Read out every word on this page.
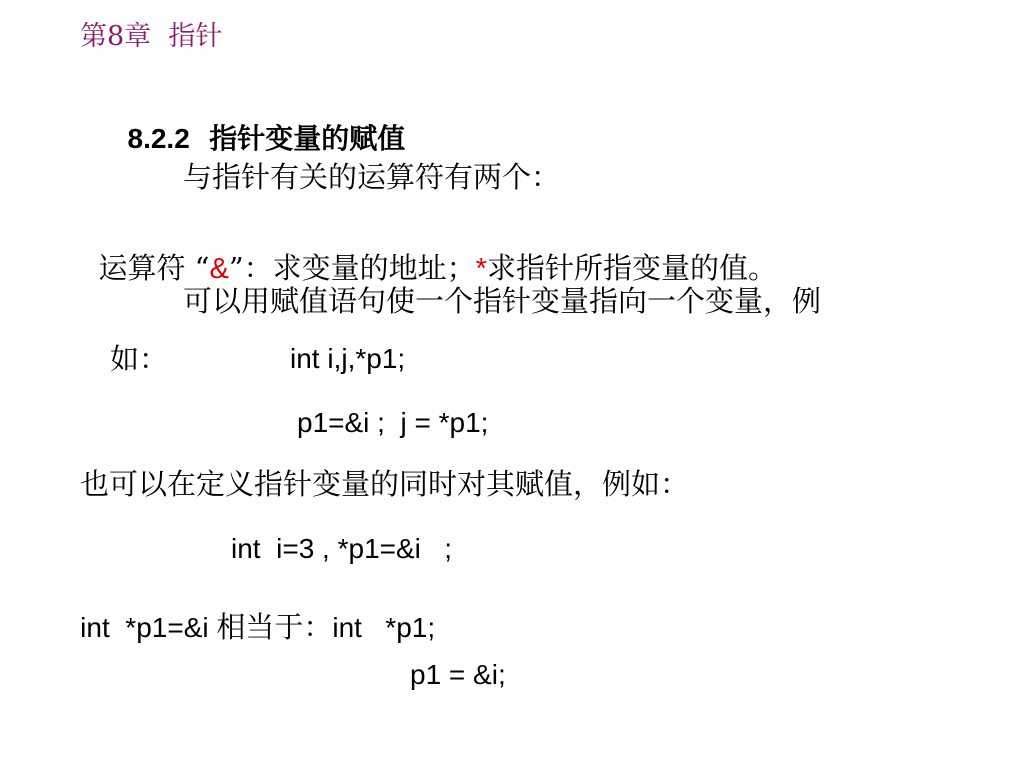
第8章  指针

8.2.2 指针变量的赋值

与指针有关的运算符有两个：

运算符 “&”：求变量的地址；*求指针所指变量的值。

可以用赋值语句使一个指针变量指向一个变量，例
如：	int i,j,*p1;
p1=&i ;  j = *p1;
也可以在定义指针变量的同时对其赋值，例如：
int  i=3 , *p1=&i   ;

int  *p1=&i 相当于：int   *p1;

p1 = &i;
